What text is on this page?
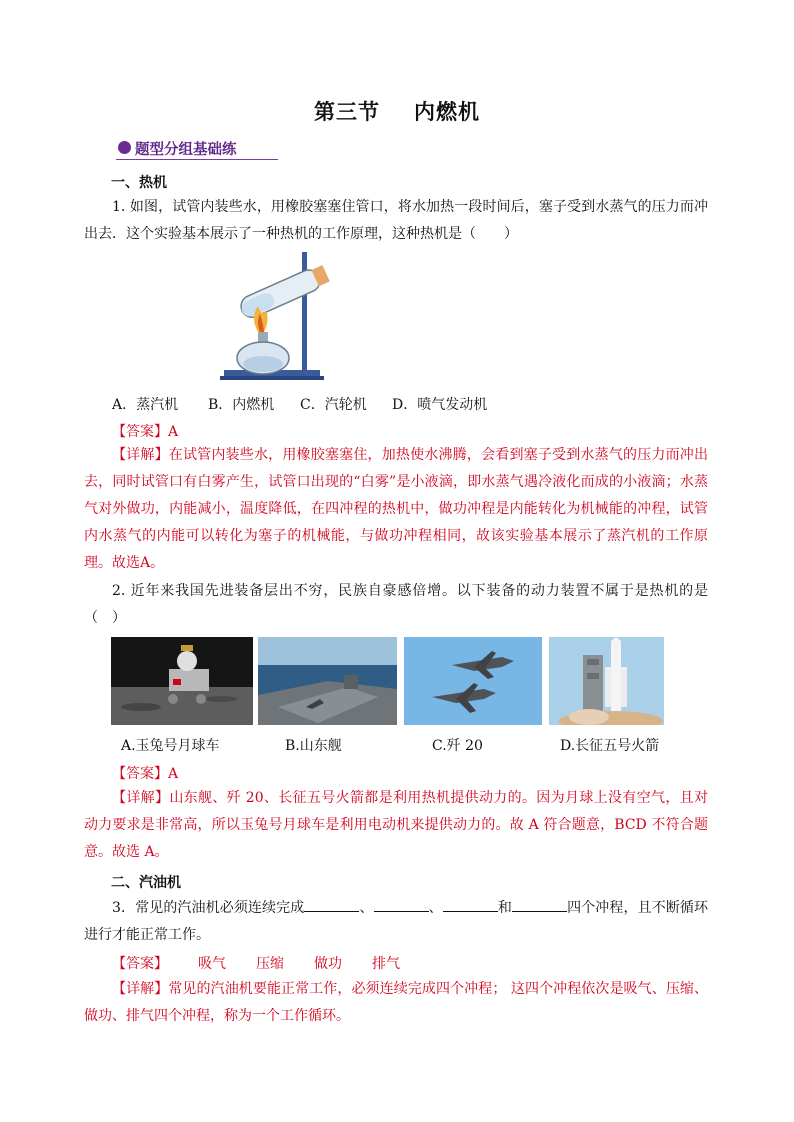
第三节 内燃机
题型分组基础练
一、热机
1. 如图，试管内装些水，用橡胶塞塞住管口，将水加热一段时间后，塞子受到水蒸气的压力而冲出去．这个实验基本展示了一种热机的工作原理，这种热机是（　　）
A．蒸汽机 B．内燃机 C．汽轮机 D．喷气发动机
【答案】A
【详解】在试管内装些水，用橡胶塞塞住，加热使水沸腾，会看到塞子受到水蒸气的压力而冲出去，同时试管口有白雾产生，试管口出现的“白雾”是小液滴，即水蒸气遇冷液化而成的小液滴；水蒸气对外做功，内能减小，温度降低，在四冲程的热机中，做功冲程是内能转化为机械能的冲程，试管内水蒸气的内能可以转化为塞子的机械能，与做功冲程相同，故该实验基本展示了蒸汽机的工作原理。故选A。
2. 近年来我国先进装备层出不穷，民族自豪感倍增。以下装备的动力装置不属于是热机的是（　）
A.玉兔号月球车	B.山东舰	C.歼 20	D.长征五号火箭
【答案】A
【详解】山东舰、歼 20、长征五号火箭都是利用热机提供动力的。因为月球上没有空气，且对动力要求是非常高，所以玉兔号月球车是利用电动机来提供动力的。故 A 符合题意，BCD 不符合题意。故选 A。
二、汽油机
3．常见的汽油机必须连续完成	、	、	和	四个冲程，且不断循环进行才能正常工作。
【答案】 吸气 压缩 做功 排气
【详解】常见的汽油机要能正常工作，必须连续完成四个冲程； 这四个冲程依次是吸气、压缩、做功、排气四个冲程，称为一个工作循环。
